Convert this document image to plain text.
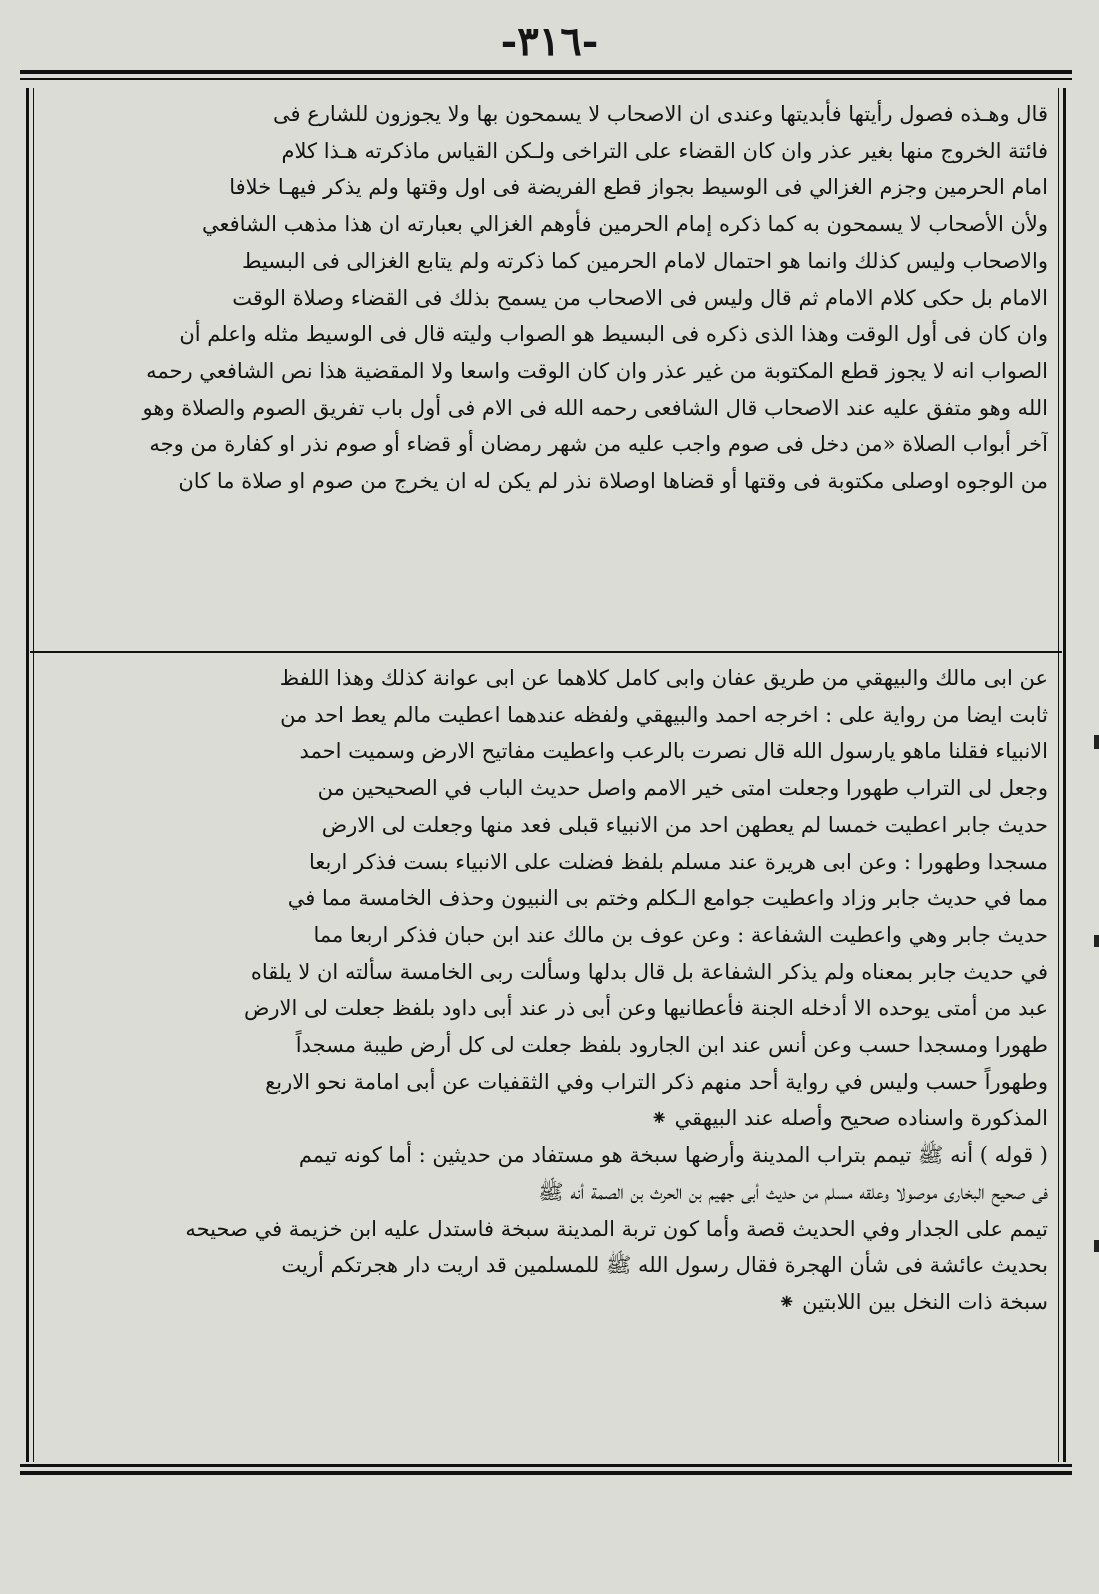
-٣١٦-

قال وهـذه فصول رأيتها فأبديتها وعندى ان الاصحاب لا يسمحون بها ولا يجوزون للشارع فى

فائتة الخروج منها بغير عذر وان كان القضاء على التراخى ولـكن القياس ماذكرته هـذا كلام

امام الحرمين وجزم الغزالي فى الوسيط بجواز قطع الفريضة فى اول وقتها ولم يذكر فيهـا خلافا

ولأن الأصحاب لا يسمحون به كما ذكره إمام الحرمين فأوهم الغزالي بعبارته ان هذا مذهب الشافعي

والاصحاب وليس كذلك وانما هو احتمال لامام الحرمين كما ذكرته ولم يتابع الغزالى فى البسيط

الامام بل حكى كلام الامام ثم قال وليس فى الاصحاب من يسمح بذلك فى القضاء وصلاة الوقت

وان كان فى أول الوقت وهذا الذى ذكره فى البسيط هو الصواب وليته قال فى الوسيط مثله واعلم أن

الصواب انه لا يجوز قطع المكتوبة من غير عذر وان كان الوقت واسعا ولا المقضية هذا نص الشافعي رحمه

الله وهو متفق عليه عند الاصحاب قال الشافعى رحمه الله فى الام فى أول باب تفريق الصوم والصلاة وهو

آخر أبواب الصلاة «من دخل فى صوم واجب عليه من شهر رمضان أو قضاء أو صوم نذر او كفارة من وجه

من الوجوه اوصلى مكتوبة فى وقتها أو قضاها اوصلاة نذر لم يكن له ان يخرج من صوم او صلاة ما كان

عن ابى مالك والبيهقي من طريق عفان وابى كامل كلاهما عن ابى عوانة كذلك وهذا اللفظ

ثابت ايضا من رواية على : اخرجه احمد والبيهقي ولفظه عندهما اعطيت مالم يعط احد من

الانبياء فقلنا ماهو يارسول الله قال نصرت بالرعب واعطيت مفاتيح الارض وسميت احمد

وجعل لى التراب طهورا وجعلت امتى خير الامم واصل حديث الباب في الصحيحين من

حديث جابر اعطيت خمسا لم يعطهن احد من الانبياء قبلى فعد منها وجعلت لى الارض

مسجدا وطهورا : وعن ابى هريرة عند مسلم بلفظ فضلت على الانبياء بست فذكر اربعا

مما في حديث جابر وزاد واعطيت جوامع الـكلم وختم بى النبيون وحذف الخامسة مما في

حديث جابر وهي واعطيت الشفاعة : وعن عوف بن مالك عند ابن حبان فذكر اربعا مما

في حديث جابر بمعناه ولم يذكر الشفاعة بل قال بدلها وسألت ربى الخامسة سألته ان لا يلقاه

عبد من أمتى يوحده الا أدخله الجنة فأعطانيها وعن أبى ذر عند أبى داود بلفظ جعلت لى الارض

طهورا ومسجدا حسب وعن أنس عند ابن الجارود بلفظ جعلت لى كل أرض طيبة مسجداً

وطهوراً حسب وليس في رواية أحد منهم ذكر التراب وفي الثقفيات عن أبى امامة نحو الاربع

المذكورة واسناده صحيح وأصله عند البيهقي ⁕

( قوله ) أنه ﷺ تيمم بتراب المدينة وأرضها سبخة هو مستفاد من حديثين : أما كونه تيمم

فى صحيح البخارى موصولا وعلقه مسلم من حديث أبى جهيم بن الحرث بن الصمة أنه ﷺ

تيمم على الجدار وفي الحديث قصة وأما كون تربة المدينة سبخة فاستدل عليه ابن خزيمة في صحيحه

بحديث عائشة فى شأن الهجرة فقال رسول الله ﷺ للمسلمين قد اريت دار هجرتكم أريت

سبخة ذات النخل بين اللابتين ⁕
